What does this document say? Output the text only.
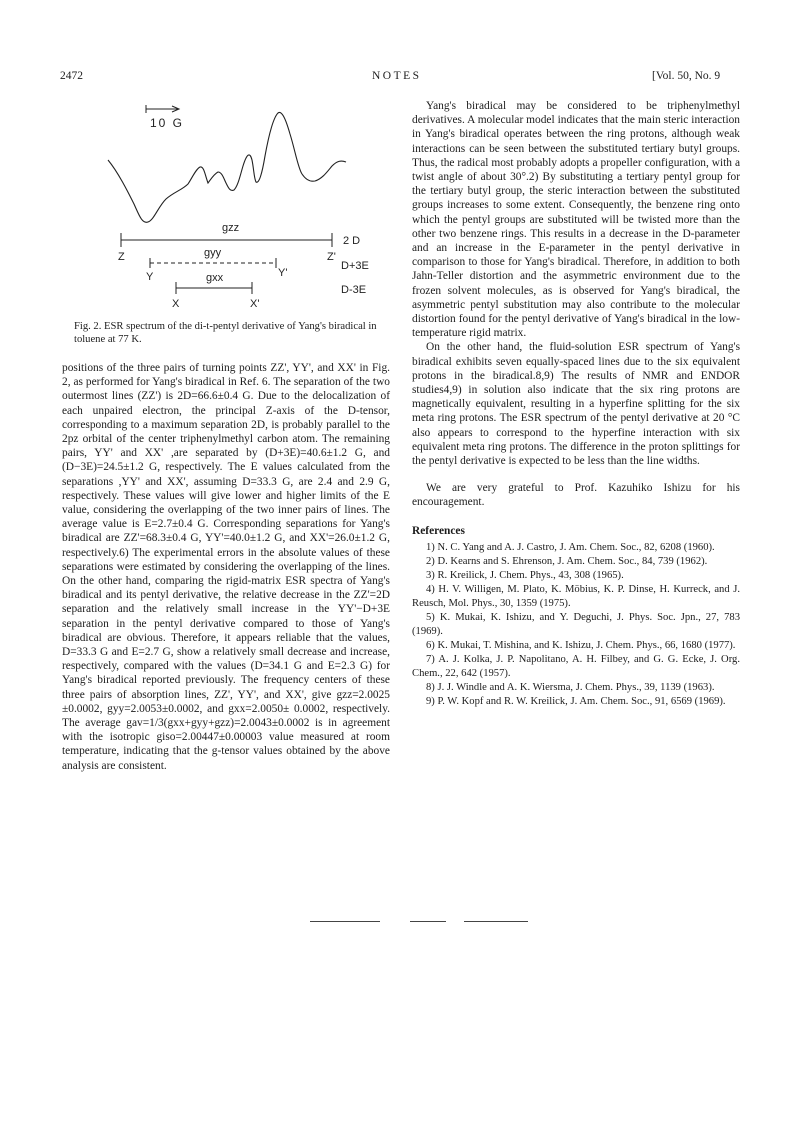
2472	NOTES	[Vol. 50, No. 9
10 G
gzz
Z	Z'
2 D
gyy
Y	Y'
D+3E
gxx
X	X'
D-3E
Fig. 2. ESR spectrum of the di-t-pentyl derivative of Yang's biradical in toluene at 77 K.

positions of the three pairs of turning points ZZ', YY', and XX' in Fig. 2, as performed for Yang's biradical in Ref. 6. The separation of the two outermost lines (ZZ') is 2D=66.6±0.4 G. Due to the delocalization of each unpaired electron, the principal Z-axis of the D-tensor, corresponding to a maximum separation 2D, is probably parallel to the 2pz orbital of the center triphenylmethyl carbon atom. The remaining pairs, YY' and XX' ,are separated by (D+3E)=40.6±1.2 G, and (D−3E)=24.5±1.2 G, respectively. The E values calculated from the separations ,YY' and XX', assuming D=33.3 G, are 2.4 and 2.9 G, respectively. These values will give lower and higher limits of the E value, considering the overlapping of the two inner pairs of lines. The average value is E=2.7±0.4 G. Corresponding separations for Yang's biradical are ZZ'=68.3±0.4 G, YY'=40.0±1.2 G, and XX'=26.0±1.2 G, respectively.6) The experimental errors in the absolute values of these separations were estimated by considering the overlapping of the lines. On the other hand, comparing the rigid-matrix ESR spectra of Yang's biradical and its pentyl derivative, the relative decrease in the ZZ'=2D separation and the relatively small increase in the YY'−D+3E separation in the pentyl derivative compared to those of Yang's biradical are obvious. Therefore, it appears reliable that the values, D=33.3 G and E=2.7 G, show a relatively small decrease and increase, respectively, compared with the values (D=34.1 G and E=2.3 G) for Yang's biradical reported previously. The frequency centers of these three pairs of absorption lines, ZZ', YY', and XX', give gzz=2.0025 ±0.0002, gyy=2.0053±0.0002, and gxx=2.0050± 0.0002, respectively. The average gav=1/3(gxx+gyy+gzz)=2.0043±0.0002 is in agreement with the isotropic giso=2.00447±0.00003 value measured at room temperature, indicating that the g-tensor values obtained by the above analysis are consistent.

Yang's biradical may be considered to be triphenylmethyl derivatives. A molecular model indicates that the main steric interaction in Yang's biradical operates between the ring protons, although weak interactions can be seen between the substituted tertiary butyl groups. Thus, the radical most probably adopts a propeller configuration, with a twist angle of about 30°.2) By substituting a tertiary pentyl group for the tertiary butyl group, the steric interaction between the substituted groups increases to some extent. Consequently, the benzene ring onto which the pentyl groups are substituted will be twisted more than the other two benzene rings. This results in a decrease in the D-parameter and an increase in the E-parameter in the pentyl derivative in comparison to those for Yang's biradical. Therefore, in addition to both Jahn-Teller distortion and the asymmetric environment due to the frozen solvent molecules, as is observed for Yang's biradical, the asymmetric pentyl substitution may also contribute to the molecular distortion found for the pentyl derivative of Yang's biradical in the low-temperature rigid matrix.

On the other hand, the fluid-solution ESR spectrum of Yang's biradical exhibits seven equally-spaced lines due to the six equivalent protons in the biradical.8,9) The results of NMR and ENDOR studies4,9) in solution also indicate that the six ring protons are magnetically equivalent, resulting in a hyperfine splitting for the six meta ring protons. The ESR spectrum of the pentyl derivative at 20 °C also appears to correspond to the hyperfine interaction with six equivalent meta ring protons. The difference in the proton splittings for the pentyl derivative is expected to be less than the line widths.

We are very grateful to Prof. Kazuhiko Ishizu for his encouragement.

References

1) N. C. Yang and A. J. Castro, J. Am. Chem. Soc., 82, 6208 (1960).

2) D. Kearns and S. Ehrenson, J. Am. Chem. Soc., 84, 739 (1962).

3) R. Kreilick, J. Chem. Phys., 43, 308 (1965).

4) H. V. Willigen, M. Plato, K. Möbius, K. P. Dinse, H. Kurreck, and J. Reusch, Mol. Phys., 30, 1359 (1975).

5) K. Mukai, K. Ishizu, and Y. Deguchi, J. Phys. Soc. Jpn., 27, 783 (1969).

6) K. Mukai, T. Mishina, and K. Ishizu, J. Chem. Phys., 66, 1680 (1977).

7) A. J. Kolka, J. P. Napolitano, A. H. Filbey, and G. G. Ecke, J. Org. Chem., 22, 642 (1957).

8) J. J. Windle and A. K. Wiersma, J. Chem. Phys., 39, 1139 (1963).

9) P. W. Kopf and R. W. Kreilick, J. Am. Chem. Soc., 91, 6569 (1969).
